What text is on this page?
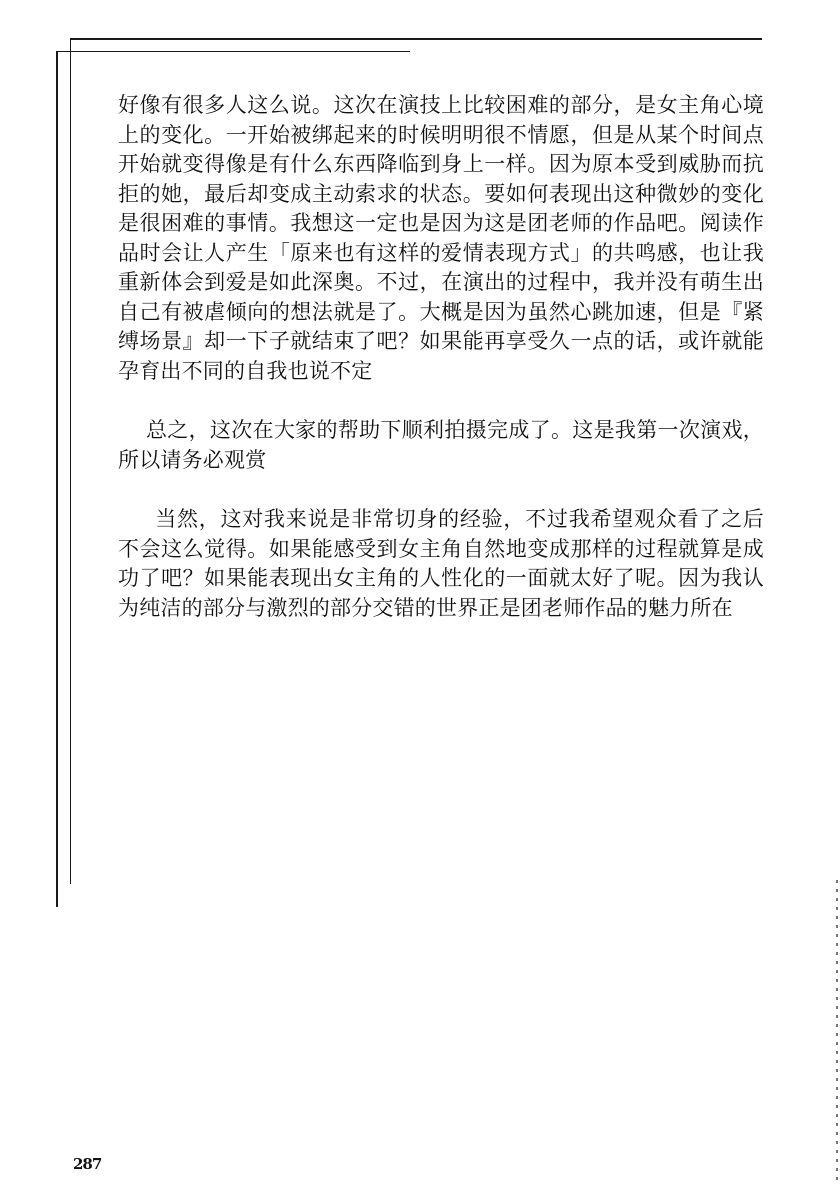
好像有很多人这么说。这次在演技上比较困难的部分，是女主角心境上的变化。一开始被绑起来的时候明明很不情愿，但是从某个时间点开始就变得像是有什么东西降临到身上一样。因为原本受到威胁而抗拒的她，最后却变成主动索求的状态。要如何表现出这种微妙的变化是很困难的事情。我想这一定也是因为这是团老师的作品吧。阅读作品时会让人产生「原来也有这样的爱情表现方式」的共鸣感，也让我重新体会到爱是如此深奥。不过，在演出的过程中，我并没有萌生出自己有被虐倾向的想法就是了。大概是因为虽然心跳加速，但是『紧缚场景』却一下子就结束了吧？如果能再享受久一点的话，或许就能孕育出不同的自我也说不定

总之，这次在大家的帮助下顺利拍摄完成了。这是我第一次演戏，所以请务必观赏

当然，这对我来说是非常切身的经验，不过我希望观众看了之后不会这么觉得。如果能感受到女主角自然地变成那样的过程就算是成功了吧？如果能表现出女主角的人性化的一面就太好了呢。因为我认为纯洁的部分与激烈的部分交错的世界正是团老师作品的魅力所在

287
